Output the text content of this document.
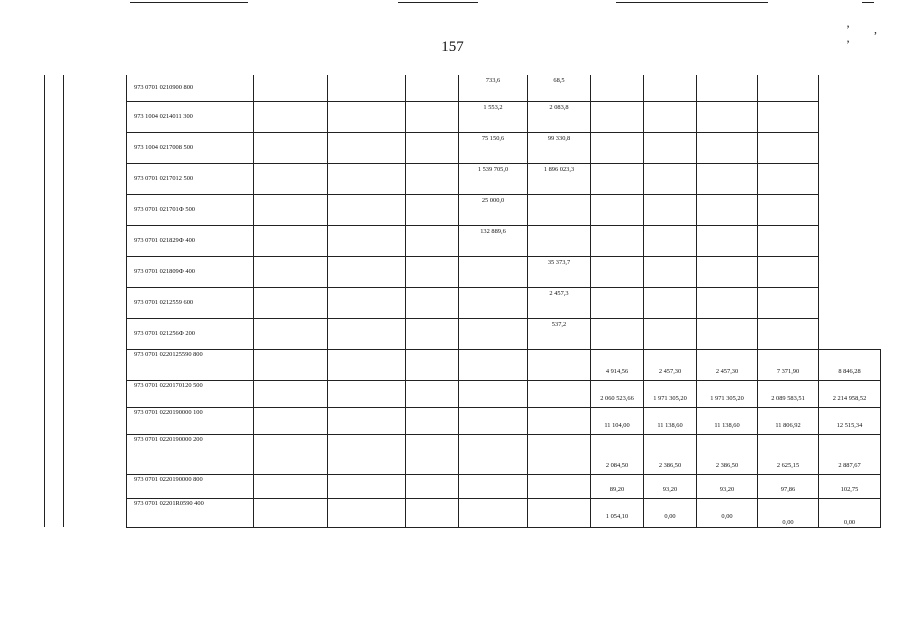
’, ’
157
		973 0701 0210900 800				733,6	68,5					
		973 1004 0214011 300				1 553,2	2 083,8					
		973 1004 0217008 500				75 150,6	99 330,8					
		973 0701 0217012 500				1 539 705,0	1 896 023,3					
		973 0701 021701Ф 500				25 000,0						
		973 0701 021829Ф 400				132 889,6						
		973 0701 021809Ф 400					35 373,7					
		973 0701 0212559 600					2 457,3					
		973 0701 021256Ф 200					537,2					
		973 0701 0220125590 800						4 914,56	2 457,30	2 457,30	7 371,90	8 846,28
		973 0701 0220170120 500						2 060 523,66	1 971 305,20	1 971 305,20	2 089 583,51	2 214 958,52
		973 0701 0220190000 100						11 104,00	11 138,60	11 138,60	11 806,92	12 515,34
		973 0701 0220190000 200						2 084,50	2 386,50	2 386,50	2 625,15	2 887,67
		973 0701 0220190000 800						89,20	93,20	93,20	97,86	102,75
		973 0701 02201R0590 400						1 054,10	0,00	0,00	0,00	0,00
